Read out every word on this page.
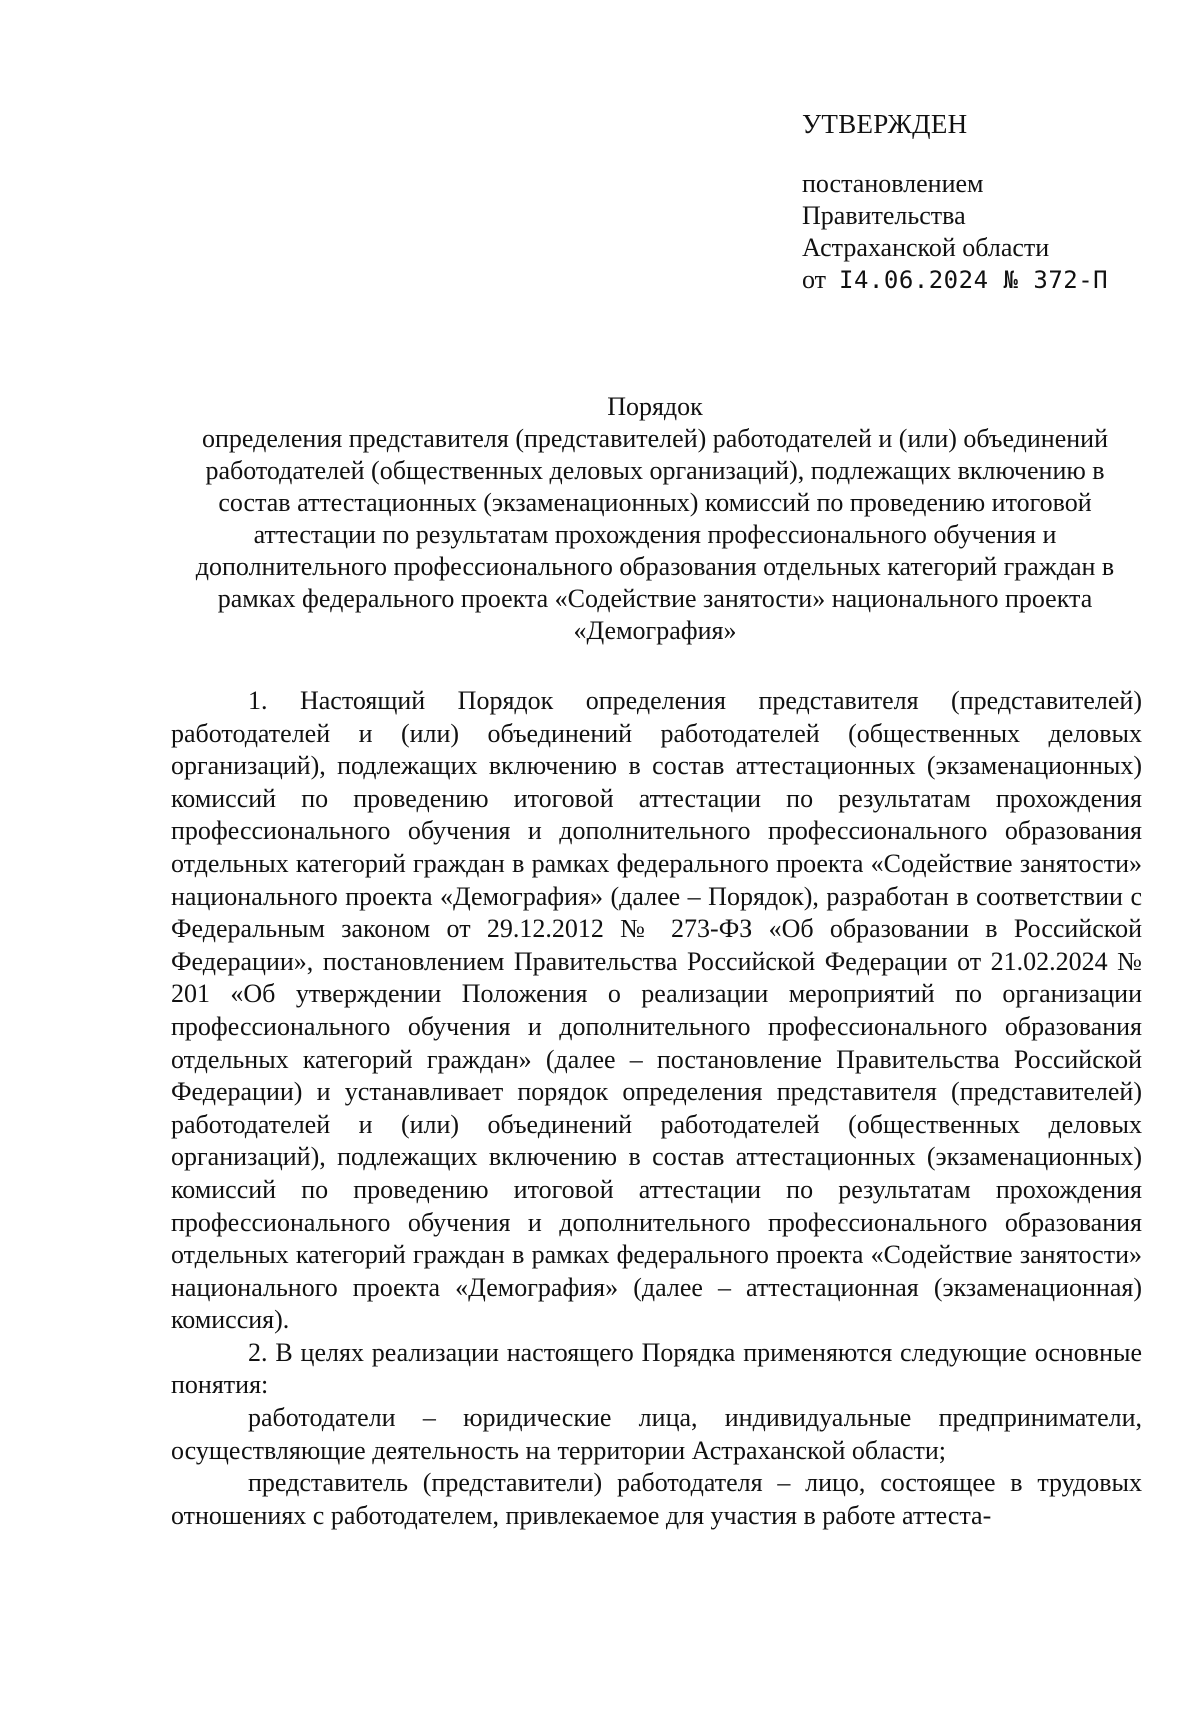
УТВЕРЖДЕН
постановлением
Правительства
Астраханской области
от I4.06.2024 № 372-П
Порядок
определения представителя (представителей) работодателей и (или) объединений работодателей (общественных деловых организаций), подлежащих включению в состав аттестационных (экзаменационных) комиссий по проведению итоговой аттестации по результатам прохождения профессионального обучения и дополнительного профессионального образования отдельных категорий граждан в рамках федерального проекта «Содействие занятости» национального проекта «Демография»

1. Настоящий Порядок определения представителя (представителей) работодателей и (или) объединений работодателей (общественных деловых организаций), подлежащих включению в состав аттестационных (экзаменационных) комиссий по проведению итоговой аттестации по результатам прохождения профессионального обучения и дополнительного профессионального образования отдельных категорий граждан в рамках федерального проекта «Содействие занятости» национального проекта «Демография» (далее – Порядок), разработан в соответствии с Федеральным законом от 29.12.2012 № 273-ФЗ «Об образовании в Российской Федерации», постановлением Правительства Российской Федерации от 21.02.2024 № 201 «Об утверждении Положения о реализации мероприятий по организации профессионального обучения и дополнительного профессионального образования отдельных категорий граждан» (далее – постановление Правительства Российской Федерации) и устанавливает порядок определения представителя (представителей) работодателей и (или) объединений работодателей (общественных деловых организаций), подлежащих включению в состав аттестационных (экзаменационных) комиссий по проведению итоговой аттестации по результатам прохождения профессионального обучения и дополнительного профессионального образования отдельных категорий граждан в рамках федерального проекта «Содействие занятости» национального проекта «Демография» (далее – аттестационная (экзаменационная) комиссия).

2. В целях реализации настоящего Порядка применяются следующие основные понятия:

работодатели – юридические лица, индивидуальные предприниматели, осуществляющие деятельность на территории Астраханской области;

представитель (представители) работодателя – лицо, состоящее в трудовых отношениях с работодателем, привлекаемое для участия в работе аттеста-
